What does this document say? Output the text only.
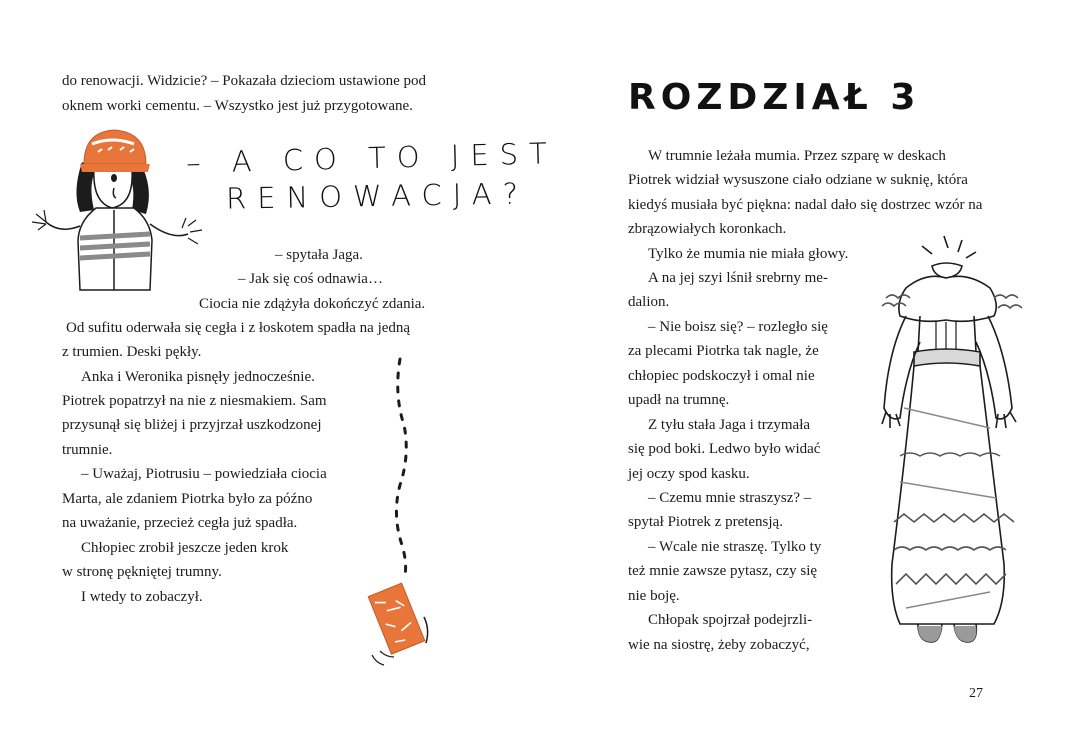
do renowacji. Widzicie? – Pokazała dzieciom ustawione pod
oknem worki cementu. – Wszystko jest już przygotowane.
– A CO TO JEST
RENOWACJA?
– spytała Jaga.
– Jak się coś odnawia…
Ciocia nie zdążyła dokończyć zdania.
Od sufitu oderwała się cegła i z łoskotem spadła na jedną
z trumien. Deski pękły.
Anka i Weronika pisnęły jednocześnie.
Piotrek popatrzył na nie z niesmakiem. Sam
przysunął się bliżej i przyjrzał uszkodzonej
trumnie.
– Uważaj, Piotrusiu – powiedziała ciocia
Marta, ale zdaniem Piotrka było za późno
na uważanie, przecież cegła już spadła.
Chłopiec zrobił jeszcze jeden krok
w stronę pękniętej trumny.
I wtedy to zobaczył.
ROZDZIAŁ 3
W trumnie leżała mumia. Przez szparę w deskach
Piotrek widział wysuszone ciało odziane w suknię, która
kiedyś musiała być piękna: nadal dało się dostrzec wzór na
zbrązowiałych koronkach.
Tylko że mumia nie miała głowy.
A na jej szyi lśnił srebrny me-
dalion.
– Nie boisz się? – rozległo się
za plecami Piotrka tak nagle, że
chłopiec podskoczył i omal nie
upadł na trumnę.
Z tyłu stała Jaga i trzymała
się pod boki. Ledwo było widać
jej oczy spod kasku.
– Czemu mnie straszysz? –
spytał Piotrek z pretensją.
– Wcale nie straszę. Tylko ty
też mnie zawsze pytasz, czy się
nie boję.
Chłopak spojrzał podejrzli-
wie na siostrę, żeby zobaczyć,
27
